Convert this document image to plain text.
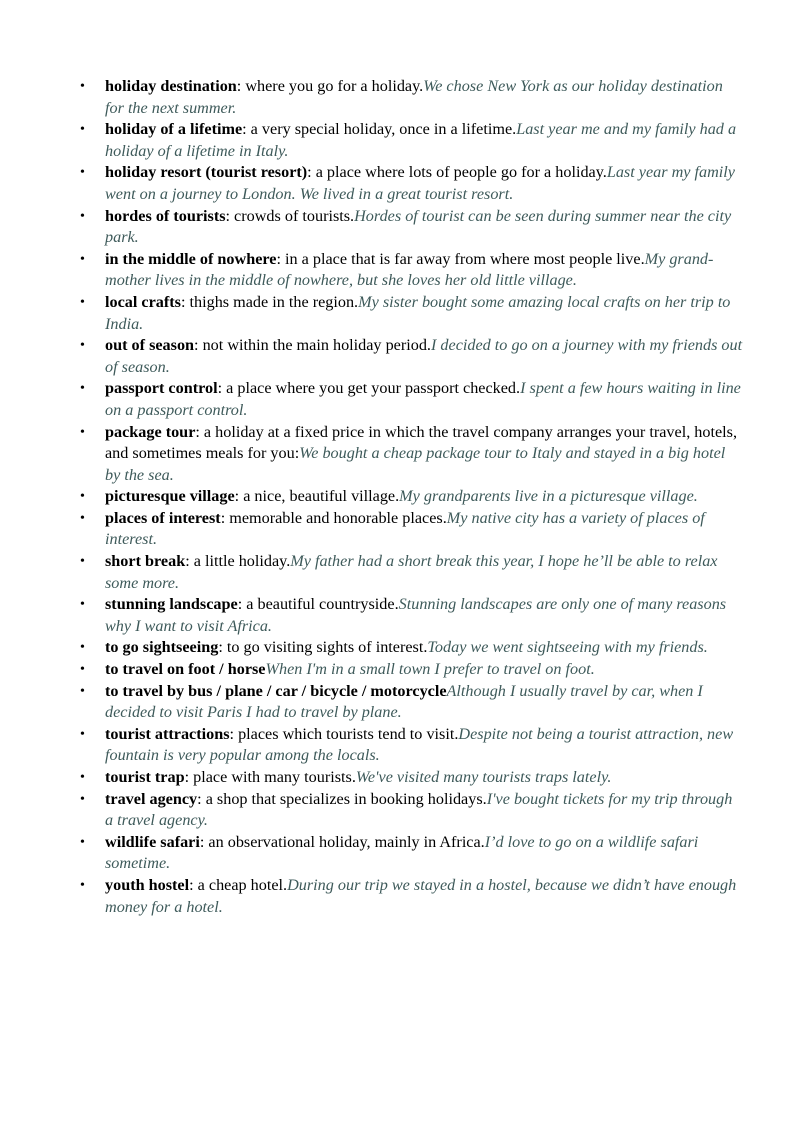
• holiday destination: where you go for a holiday.We chose New York as our holiday destination for the next summer.
• holiday of a lifetime: a very special holiday, once in a lifetime.Last year me and my family had a holiday of a lifetime in Italy.
• holiday resort (tourist resort): a place where lots of people go for a holiday.Last year my family went on a journey to London. We lived in a great tourist resort.
• hordes of tourists: crowds of tourists.Hordes of tourist can be seen during summer near the city park.
• in the middle of nowhere: in a place that is far away from where most people live.My grand-mother lives in the middle of nowhere, but she loves her old little village.
• local crafts: thighs made in the region.My sister bought some amazing local crafts on her trip to India.
• out of season: not within the main holiday period.I decided to go on a journey with my friends out of season.
• passport control: a place where you get your passport checked.I spent a few hours waiting in line on a passport control.
• package tour: a holiday at a fixed price in which the travel company arranges your travel, hotels, and sometimes meals for you:We bought a cheap package tour to Italy and stayed in a big hotel by the sea.
• picturesque village: a nice, beautiful village.My grandparents live in a picturesque village.
• places of interest: memorable and honorable places.My native city has a variety of places of interest.
• short break: a little holiday.My father had a short break this year, I hope he’ll be able to relax some more.
• stunning landscape: a beautiful countryside.Stunning landscapes are only one of many reasons why I want to visit Africa.
• to go sightseeing: to go visiting sights of interest.Today we went sightseeing with my friends.
• to travel on foot / horseWhen I'm in a small town I prefer to travel on foot.
• to travel by bus / plane / car / bicycle / motorcycleAlthough I usually travel by car, when I decided to visit Paris I had to travel by plane.
• tourist attractions: places which tourists tend to visit.Despite not being a tourist attraction, new fountain is very popular among the locals.
• tourist trap: place with many tourists.We've visited many tourists traps lately.
• travel agency: a shop that specializes in booking holidays.I've bought tickets for my trip through a travel agency.
• wildlife safari: an observational holiday, mainly in Africa.I’d love to go on a wildlife safari sometime.
• youth hostel: a cheap hotel.During our trip we stayed in a hostel, because we didn’t have enough money for a hotel.
